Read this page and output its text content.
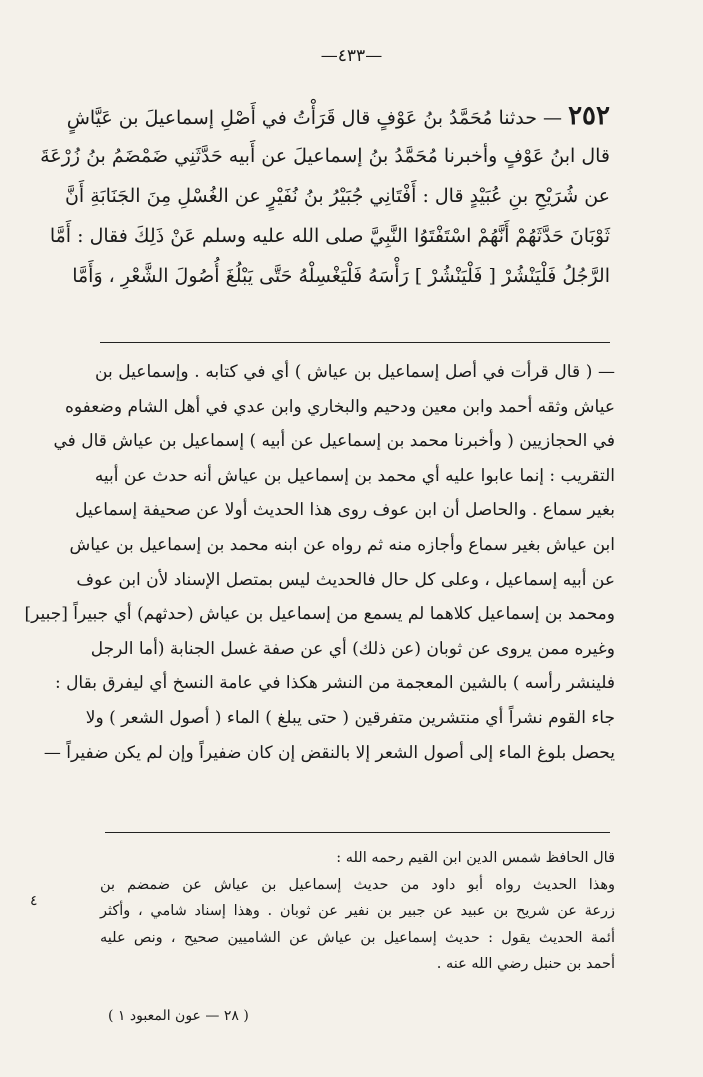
—٤٣٣—
٢٥٢ — حدثنا مُحَمَّدُ بنُ عَوْفٍ قال قَرَأْتُ في أَصْلِ إسماعيلَ بن عَيَّاشٍ
قال ابنُ عَوْفٍ وأخبرنا مُحَمَّدُ بنُ إسماعيلَ عن أَبيه حَدَّثَنِي ضَمْضَمُ بنُ زُرْعَةَ
عن شُرَيْحِ بنِ عُبَيْدٍ قال : أَفْتَانِي جُبَيْرُ بنُ نُفَيْرٍ عن الغُسْلِ مِنَ الجَنَابَةِ أَنَّ
ثَوْبَانَ حَدَّثَهُمْ أَنَّهُمْ اسْتَفْتَوُا النَّبِيَّ صلى الله عليه وسلم عَنْ ذَلِكَ فقال : أَمَّا
الرَّجُلُ فَلْيَنْشُرْ [ فَلْيَنْشُرْ ] رَأْسَهُ فَلْيَغْسِلْهُ حَتَّى يَبْلُغَ أُصُولَ الشَّعْرِ ، وَأَمَّا
— ( قال قرأت في أصل إسماعيل بن عياش ) أي في كتابه . وإسماعيل بن
عياش وثقه أحمد وابن معين ودحيم والبخاري وابن عدي في أهل الشام وضعفوه
في الحجازيين ( وأخبرنا محمد بن إسماعيل عن أبيه ) إسماعيل بن عياش قال في
التقريب : إنما عابوا عليه أي محمد بن إسماعيل بن عياش أنه حدث عن أبيه
بغير سماع . والحاصل أن ابن عوف روى هذا الحديث أولا عن صحيفة إسماعيل
ابن عياش بغير سماع وأجازه منه ثم رواه عن ابنه محمد بن إسماعيل بن عياش
عن أبيه إسماعيل ، وعلى كل حال فالحديث ليس بمتصل الإسناد لأن ابن عوف
ومحمد بن إسماعيل كلاهما لم يسمع من إسماعيل بن عياش (حدثهم) أي جبيراً [جبير]
وغيره ممن يروى عن ثوبان (عن ذلك) أي عن صفة غسل الجنابة (أما الرجل
فلينشر رأسه ) بالشين المعجمة من النشر هكذا في عامة النسخ أي ليفرق بقال :
جاء القوم نشراً أي منتشرين متفرقين ( حتى يبلغ ) الماء ( أصول الشعر ) ولا
يحصل بلوغ الماء إلى أصول الشعر إلا بالنقض إن كان ضفيراً وإن لم يكن ضفيراً —
قال الحافظ شمس الدين ابن القيم رحمه الله :
وهذا الحديث رواه أبو داود من حديث إسماعيل بن عياش عن ضمضم بن
زرعة عن شريح بن عبيد عن جبير بن نفير عن ثوبان . وهذا إسناد شامي ، وأكثر
أئمة الحديث يقول : حديث إسماعيل بن عياش عن الشاميين صحيح ، ونص عليه
أحمد بن حنبل رضي الله عنه .
٤
( ٢٨ — عون المعبود ١ )
